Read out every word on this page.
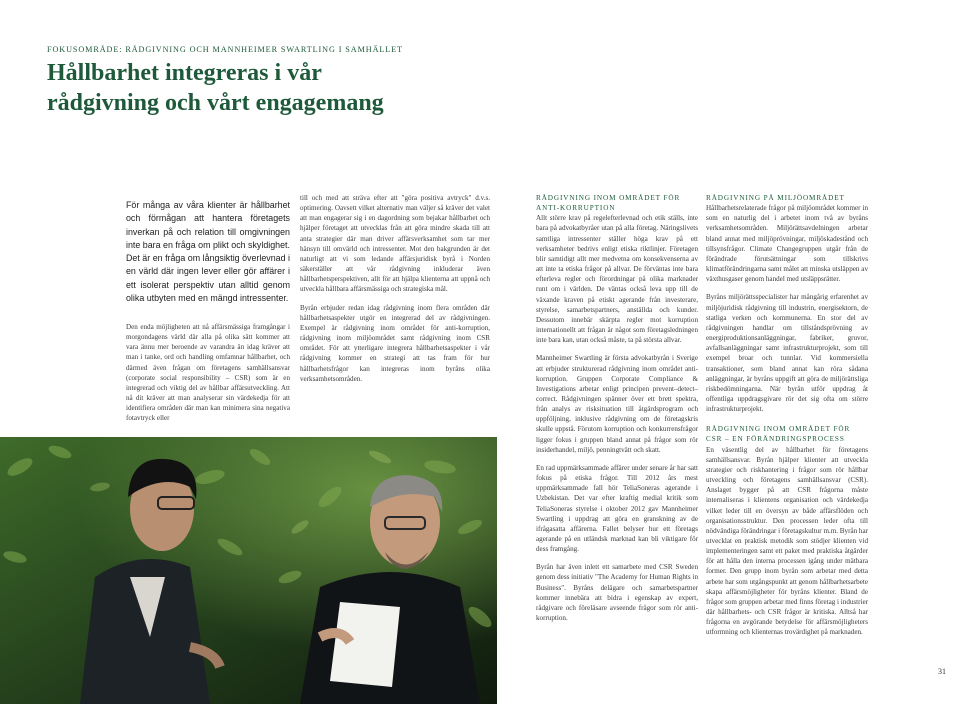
FOKUSOMRÅDE: RÅDGIVNING OCH MANNHEIMER SWARTLING I SAMHÄLLET
Hållbarhet integreras i vår
rådgivning och vårt engagemang

För många av våra klienter är hållbarhet och förmågan att hantera företagets inverkan på och relation till omgivningen inte bara en fråga om plikt och skyldighet. Det är en fråga om långsiktig överlevnad i en värld där ingen lever eller gör affärer i ett isolerat perspektiv utan alltid genom olika utbyten med en mängd intressenter.

Den enda möjligheten att nå affärsmässiga framgångar i morgondagens värld där alla på olika sätt kommer att vara ännu mer beroende av varandra än idag kräver att man i tanke, ord och handling omfamnar hållbarhet, och därmed även frågan om företagens samhällsansvar (corporate social responsibility – CSR) som är en integrerad och viktig del av hållbar affärsutveckling. Att nå dit kräver att man analyserar sin värdekedja för att identifiera områden där man kan minimera sina negativa fotavtryck eller

till och med att sträva efter att "göra positiva avtryck" d.v.s. optimering. Oavsett vilket alternativ man väljer så kräver det valet att man engagerar sig i en dagordning som bejakar hållbarhet och hjälper företaget att utvecklas från att göra mindre skada till att anta strategier där man driver affärsverksamhet som tar mer hänsyn till omvärld och intressenter. Mot den bakgrunden är det naturligt att vi som ledande affärsjuridisk byrå i Norden säkerställer att vår rådgivning inkluderar även hållbarhetsperspektiven, allt för att hjälpa klienterna att uppnå och utveckla hållbara affärsmässiga och strategiska mål.

Byrån erbjuder redan idag rådgivning inom flera områden där hållbarhetsaspekter utgör en integrerad del av rådgivningen. Exempel är rådgivning inom området för anti-korruption, rådgivning inom miljöområdet samt rådgivning inom CSR området. För att ytterligare integrera hållbarhetsaspekter i vår rådgivning kommer en strategi att tas fram för hur hållbarhetsfrågor kan integreras inom byråns olika verksamhetsområden.

RÅDGIVNING INOM OMRÅDET FÖR ANTI-KORRUPTION

Allt större krav på regelefterlevnad och etik ställs, inte bara på advokatbyråer utan på alla företag. Näringslivets samtliga intressenter ställer höga krav på ett verksamheter bedrivs enligt etiska riktlinjer. Företagen blir samtidigt allt mer medvetna om konsekvenserna av att inte ta etiska frågor på allvar. De förväntas inte bara efterleva regler och förordningar på olika marknader runt om i världen. De väntas också leva upp till de växande kraven på etiskt agerande från investerare, styrelse, samarbetspartners, anställda och kunder. Dessutom innebär skärpta regler mot korruption internationellt att frågan är något som företagsledningen inte bara kan, utan också måste, ta på största allvar.

Mannheimer Swartling är första advokatbyrån i Sverige att erbjuder strukturerad rådgivning inom området anti-korruption. Gruppen Corporate Compliance & Investigations arbetar enligt principen prevent–detect–correct. Rådgivningen spänner över ett brett spektra, från analys av risksituation till åtgärdsprogram och uppföljning, inklusive rådgivning om de företagskris skulle uppstå. Förutom korruption och konkurrensfrågor ligger fokus i gruppen bland annat på frågor som rör insiderhandel, miljö, penningtvätt och skatt.

En rad uppmärksammade affärer under senare år har satt fokus på etiska frågor. Till 2012 års mest uppmärksammade fall hör TeliaSoneras agerande i Uzbekistan. Det var efter kraftig medial kritik som TeliaSoneras styrelse i oktober 2012 gav Mannheimer Swartling i uppdrag att göra en granskning av de ifrågasatta affärerna. Fallet belyser hur ett företags agerande på en utländsk marknad kan bli viktigare för dess framgång.

Byrån har även inlett ett samarbete med CSR Sweden genom dess initiativ "The Academy for Human Rights in Business". Byråns delägare och samarbetspartner kommer innebära att bidra i egenskap av expert, rådgivare och föreläsare avseende frågor som rör anti-korruption.

RÅDGIVNING PÅ MILJÖOMRÅDET

Hållbarhetsrelaterade frågor på miljöområdet kommer in som en naturlig del i arbetet inom två av byråns verksamhetsområden. Miljörättsavdelningen arbetar bland annat med miljöprövningar, miljöskadestånd och tillsynsfrågor. Climate Changegruppen utgår från de förändrade förutsättningar som tillskrivs klimatförändringarna samt målet att minska utsläppen av växthusgaser genom handel med utsläppsrätter.

Byråns miljörättsspecialister har mångårig erfarenhet av miljöjuridisk rådgivning till industrin, energisektorn, de statliga verken och kommunerna. En stor del av rådgivningen handlar om tillståndsprövning av energiproduktionsanläggningar, fabriker, gruvor, avfallsanläggningar samt infrastrukturprojekt, som till exempel broar och tunnlar. Vid kommersiella transaktioner, som bland annat kan röra sådana anläggningar, är byråns uppgift att göra de miljörättsliga riskbedömningarna. När byrån utför uppdrag åt offentliga uppdragsgivare rör det sig ofta om större infrastrukturprojekt.

RÅDGIVNING INOM OMRÅDET FÖR CSR – EN FÖRÄNDRINGSPROCESS

En väsentlig del av hållbarhet för företagens samhällsansvar. Byrån hjälper klienter att utveckla strategier och riskhantering i frågor som rör hållbar utveckling och företagens samhällsansvar (CSR). Anslaget bygger på att CSR frågorna måste internaliseras i klientens organisation och värdekedja vilket leder till en översyn av både affärsflöden och organisationsstruktur. Den processen leder ofta till nödvändiga förändringar i företagskultur m.m. Byrån har utvecklat en praktisk metodik som stödjer klienten vid implementeringen samt ett paket med praktiska åtgärder för att hålla den interna processen igång under mätbara former. Den grupp inom byrån som arbetar med detta arbete har som utgångspunkt att genom hållbarhetsarbete skapa affärsmöjligheter för byråns klienter. Bland de frågor som gruppen arbetar med finns företag i industrier där hållbarhets- och CSR frågor är kritiska. Alltså har frågorna en avgörande betydelse för affärsmöjligheters utformning och klienternas trovärdighet på marknaden.

31
